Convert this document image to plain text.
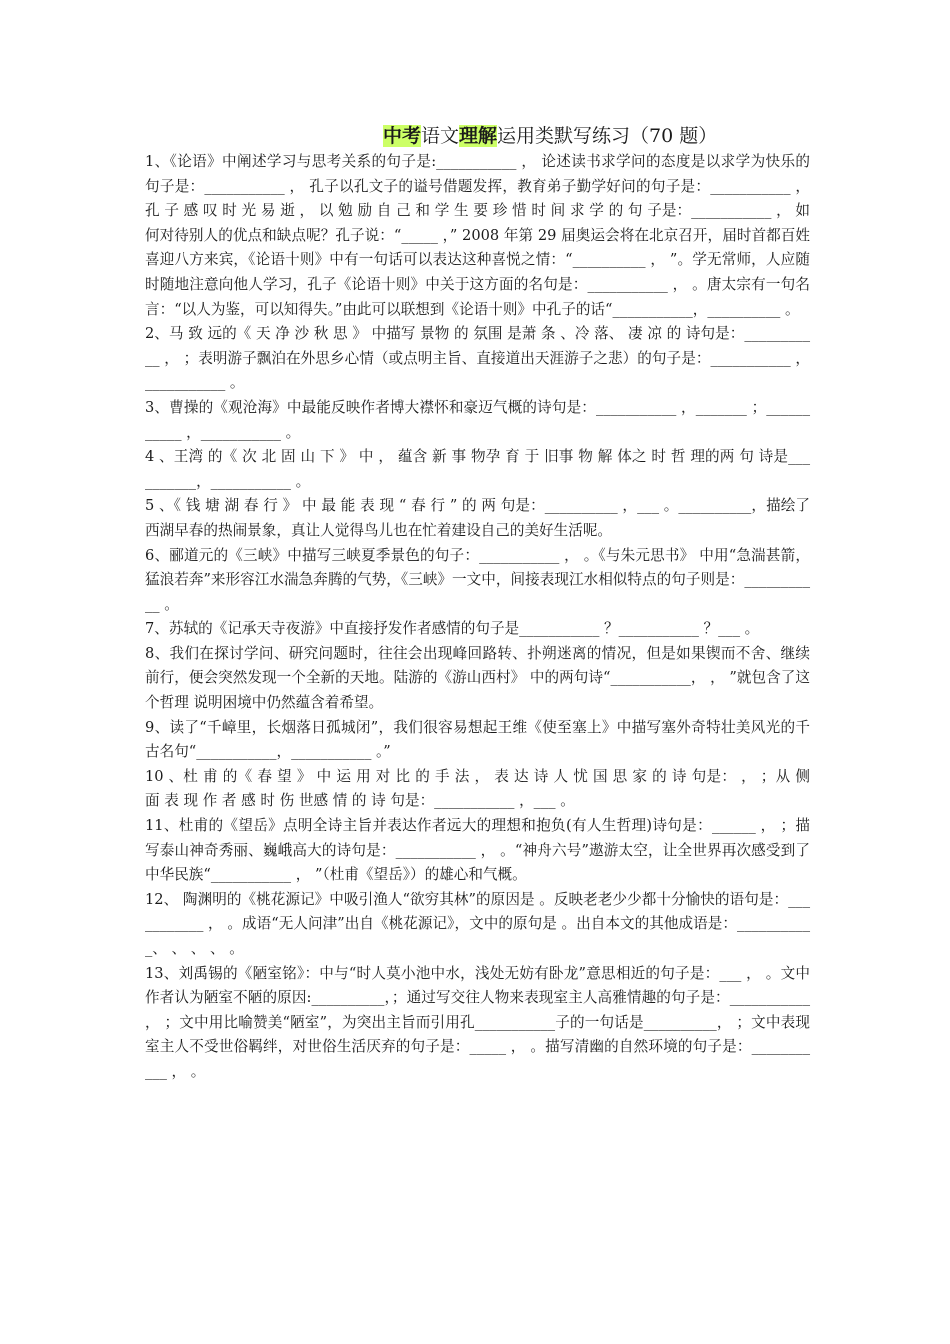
中考语文理解运用类默写练习（70 题）

1、《论语》中阐述学习与思考关系的句子是:___________ ， 论述读书求学问的态度是以求学为快乐的句子是：___________ ， 孔子以孔文子的谥号借题发挥，教育弟子勤学好问的句子是：___________ ， 孔 子 感 叹 时 光 易 逝 ， 以 勉 励 自 己 和 学 生 要 珍 惜 时 间 求 学 的 句 子是：___________ ， 如何对待别人的优点和缺点呢？孔子说：“_____ ，” 2008 年第 29 届奥运会将在北京召开，届时首都百姓喜迎八方来宾，《论语十则》中有一句话可以表达这种喜悦之情：“__________ ， ”。学无常师，人应随时随地注意向他人学习，孔子《论语十则》中关于这方面的名句是：___________ ， 。唐太宗有一句名言：“以人为鉴，可以知得失。”由此可以联想到《论语十则》中孔子的话“___________，__________ 。

2、马 致 远的《 天 净 沙 秋 思 》 中描写 景物 的 氛围 是萧 条 、冷 落、 凄 凉 的 诗句是：___________ ， ；表明游子飘泊在外思乡心情（或点明主旨、直接道出天涯游子之悲）的句子是：___________ ，___________ 。

3、曹操的《观沧海》中最能反映作者博大襟怀和豪迈气概的诗句是：___________ ，_______ ；___________ ，___________ 。

4 、王湾 的《 次 北 固 山 下 》 中 ， 蕴含 新 事 物孕 育 于 旧事 物 解 体之 时 哲 理的两 句 诗是__________，___________ 。

5 、《 钱 塘 湖 春 行 》 中 最 能 表 现 “ 春 行 ” 的 两 句是：__________ ，___ 。__________，描绘了西湖早春的热闹景象，真让人觉得鸟儿也在忙着建设自己的美好生活呢。

6、郦道元的《三峡》中描写三峡夏季景色的句子：___________ ， 。《与朱元思书》 中用“急湍甚箭，猛浪若奔”来形容江水湍急奔腾的气势，《三峡》一文中，间接表现江水相似特点的句子则是：___________ 。

7、苏轼的《记承天寺夜游》中直接抒发作者感情的句子是___________ ？___________ ？___ 。

8、我们在探讨学问、研究问题时，往往会出现峰回路转、扑朔迷离的情况，但是如果锲而不舍、继续前行，便会突然发现一个全新的天地。陆游的《游山西村》 中的两句诗“___________， ， ”就包含了这个哲理 说明困境中仍然蕴含着希望。

9、读了“千嶂里，长烟落日孤城闭”，我们很容易想起王维《使至塞上》中描写塞外奇特壮美风光的千古名句“___________，___________ 。”

10 、杜 甫 的《 春 望 》 中 运 用 对 比 的 手 法 ， 表 达 诗 人 忧 国 思 家 的 诗 句是： ， ；从 侧 面 表 现 作 者 感 时 伤 世感 情 的 诗 句是：___________ ，___ 。

11、杜甫的《望岳》点明全诗主旨并表达作者远大的理想和抱负(有人生哲理)诗句是：______ ， ；描写泰山神奇秀丽、巍峨高大的诗句是：___________ ， 。“神舟六号”遨游太空，让全世界再次感受到了中华民族“___________ ， ”（杜甫《望岳》）的雄心和气概。

12、 陶渊明的《桃花源记》中吸引渔人“欲穷其林”的原因是 。反映老老少少都十分愉快的语句是：___________ ， 。成语“无人问津”出自《桃花源记》，文中的原句是 。出自本文的其他成语是：___________、 、 、 、 。

13、刘禹锡的《陋室铭》：中与“时人莫小池中水，浅处无妨有卧龙”意思相近的句子是：___ ， 。文中作者认为陋室不陋的原因:__________，；通过写交往人物来表现室主人高雅情趣的句子是：___________ ， ；文中用比喻赞美“陋室”，为突出主旨而引用孔___________子的一句话是__________， ；文中表现室主人不受世俗羁绊，对世俗生活厌弃的句子是：_____ ， 。描写清幽的自然环境的句子是：___________ ， 。
